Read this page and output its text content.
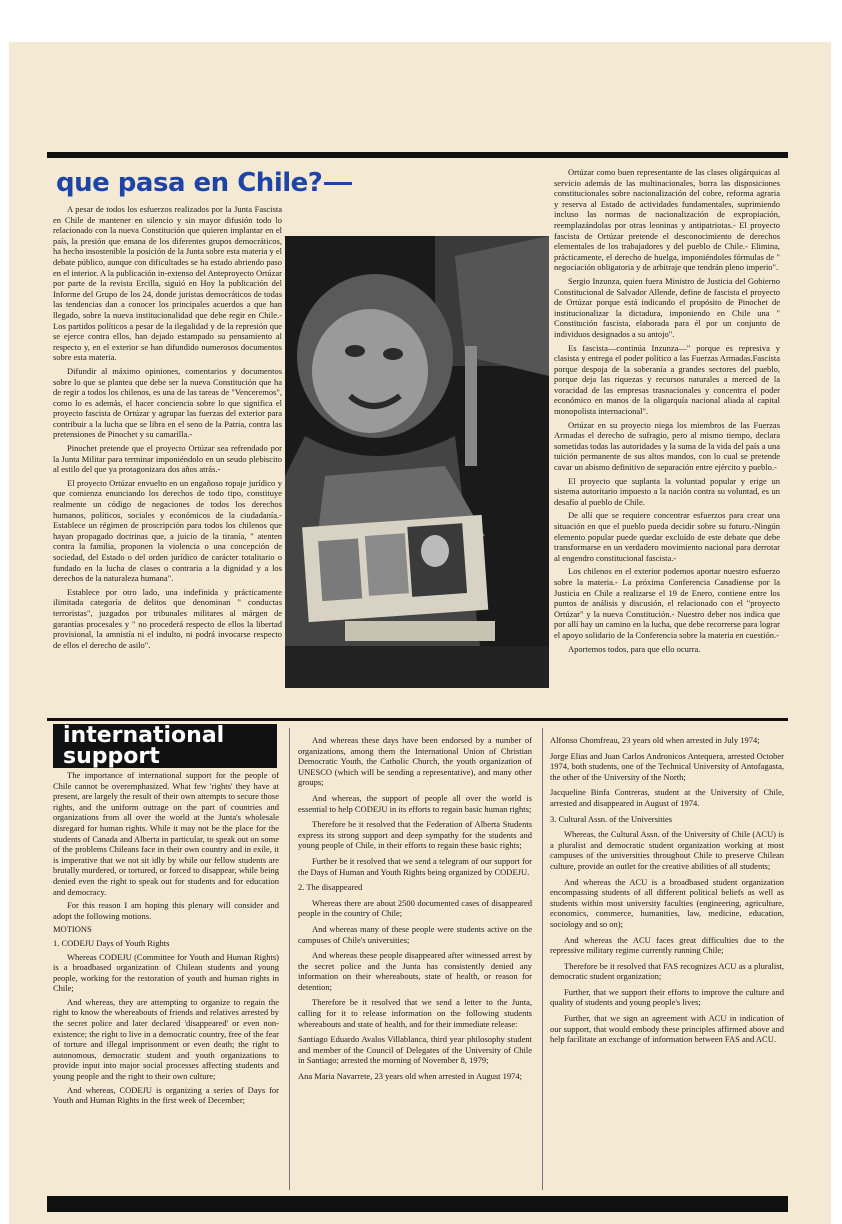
que pasa en Chile?

A pesar de todos los esfuerzos realizados por la Junta Fascista en Chile de mantener en silencio y sin mayor difusión todo lo relacionado con la nueva Constitución que quieren implantar en el país, la presión que emana de los diferentes grupos democráticos, ha hecho insostenible la posición de la Junta sobre esta materia y el debate público, aunque con dificultades se ha estado abriendo paso en el interior. A la publicación in-extenso del Anteproyecto Ortúzar por parte de la revista Ercilla, siguió en Hoy la publicación del Informe del Grupo de los 24, donde juristas democráticos de todas las tendencias dan a conocer los principales acuerdos a que han llegado, sobre la nueva institucionalidad que debe regir en Chile.-Los partidos políticos a pesar de la ilegalidad y de la represión que se ejerce contra ellos, han dejado estampado su pensamiento al respecto y, en el exterior se han difundido numerosos documentos sobre esta materia.

Difundir al máximo opiniones, comentarios y documentos sobre lo que se plantea que debe ser la nueva Constitución que ha de regir a todos los chilenos, es una de las tareas de "Venceremos", como lo es además, el hacer conciencia sobre lo que significa el proyecto fascista de Ortúzar y agrupar las fuerzas del exterior para contribuir a la lucha que se libra en el seno de la Patria, contra las pretensiones de Pinochet y su camarilla.-

Pinochet pretende que el proyecto Ortúzar sea refrendado por la Junta Militar para terminar imponiéndolo en un seudo plebiscito al estilo del que ya protagonizara dos años atrás.-

El proyecto Ortúzar envuelto en un engañoso ropaje jurídico y que comienza enunciando los derechos de todo tipo, constituye realmente un código de negaciones de todos los derechos humanos, políticos, sociales y económicos de la ciudadanía.- Establece un régimen de proscripción para todos los chilenos que hayan propagado doctrinas que, a juicio de la tiranía, " atenten contra la familia, proponen la violencia o una concepción de sociedad, del Estado o del orden jurídico de carácter totalitario o fundado en la lucha de clases o contraria a la dignidad y a los derechos de la naturaleza humana".

Establece por otro lado, una indefinida y prácticamente ilimitada categoría de delitos que denominan " conductas terroristas", juzgados por tribunales militares al márgen de garantías procesales y " no procederá respecto de ellos la libertad provisional, la amnistía ni el indulto, ni podrá invocarse respecto de ellos el derecho de asilo".

Ortúzar como buen representante de las clases oligárquicas al servicio además de las multinacionales, borra las disposiciones constitucionales sobre nacionalización del cobre, reforma agraria y reserva al Estado de actividades fundamentales, suprimiendo incluso las normas de nacionalización de expropiación, reemplazándolas por otras leoninas y antipatriotas.- El proyecto fascista de Ortúzar pretende el desconocimiento de derechos elementales de los trabajadores y del pueblo de Chile.- Elimina, prácticamente, el derecho de huelga, imponiéndoles fórmulas de " negociación obligatoria y de arbitraje que tendrán pleno imperio".

Sergio Inzunza, quien fuera Ministro de Justicia del Gobierno Constitucional de Salvador Allende, define de fascista el proyecto de Ortúzar porque está indicando el propósito de Pinochet de institucionalizar la dictadura, imponiendo en Chile una " Constitución fascista, elaborada para él por un conjunto de individuos designados a su antojo".

Es fascista—continúa Inzunza—" porque es represiva y clasista y entrega el poder político a las Fuerzas Armadas.Fascista porque despoja de la soberanía a grandes sectores del pueblo, porque deja las riquezas y recursos naturales a merced de la voracidad de las empresas trasnacionales y concentra el poder económico en manos de la oligarquía nacional aliada al capital monopolista internacional".

Ortúzar en su proyecto niega los miembros de las Fuerzas Armadas el derecho de sufragio, pero al mismo tiempo, declara sometidas todas las autoridades y la suma de la vida del país a una tuición permanente de sus altos mandos, con lo cual se pretende cavar un abismo definitivo de separación entre ejército y pueblo.-

El proyecto que suplanta la voluntad popular y erige un sistema autoritario impuesto a la nación contra su voluntad, es un desafío al pueblo de Chile.

De allí que se requiere concentrar esfuerzos para crear una situación en que el pueblo pueda decidir sobre su futuro.-Ningún elemento popular puede quedar excluído de este debate que debe transformarse en un verdadero movimiento nacional para derrotar al engendro constitucional fascista.-

Los chilenos en el exterior podemos aportar nuestro esfuerzo sobre la materia.- La próxima Conferencia Canadiense por la Justicia en Chile a realizarse el 19 de Enero, contiene entre los puntos de análisis y discusión, el relacionado con el "proyecto Ortúzar" y la nueva Constitución.- Nuestro deber nos indica que por allí hay un camino en la lucha, que debe recorrerse para lograr el apoyo solidario de la Conferencia sobre la materia en cuestión.-

Aportemos todos, para que ello ocurra.

international
support

The importance of international support for the people of Chile cannot be overemphasized. What few 'rights' they have at present, are largely the result of their own attempts to secure those rights, and the uniform outrage on the part of countries and organizations from all over the world at the Junta's wholesale disregard for human rights. While it may not be the place for the students of Canada and Alberta in particular, to speak out on some of the problems Chileans face in their own country and in exile, it is imperative that we not sit idly by while our fellow students are brutally murdered, or tortured, or forced to disappear, while being denied even the right to speak out for students and for education and democracy.

For this reason I am hoping this plenary will consider and adopt the following motions.

MOTIONS

1. CODEJU Days of Youth Rights

Whereas CODEJU (Committee for Youth and Human Rights) is a broadbased organization of Chilean students and young people, working for the restoration of youth and human rights in Chile;

And whereas, they are attempting to organize to regain the right to know the whereabouts of friends and relatives arrested by the secret police and later declared 'disappeared' or even non-existence; the right to live in a democratic country, free of the fear of torture and illegal imprisonment or even death; the right to autonomous, democratic student and youth organizations to provide input into major social processes affecting students and young people and the right to their own culture;

And whereas, CODEJU is organizing a series of Days for Youth and Human Rights in the first week of December;

And whereas these days have been endorsed by a number of organizations, among them the International Union of Christian Democratic Youth, the Catholic Church, the youth organization of UNESCO (which will be sending a representative), and many other groups;

And whereas, the support of people all over the world is essential to help CODEJU in its efforts to regain basic human rights;

Therefore be it resolved that the Federation of Alberta Students express its strong support and deep sympathy for the students and young people of Chile, in their efforts to regain these basic rights;

Further be it resolved that we send a telegram of our support for the Days of Human and Youth Rights being organized by CODEJU.

2. The disappeared

Whereas there are about 2500 documented cases of disappeared people in the country of Chile;

And whereas many of these people were students active on the campuses of Chile's universities;

And whereas these people disappeared after witnessed arrest by the secret police and the Junta has consistently denied any information on their whereabouts, state of health, or reason for detention;

Therefore be it resolved that we send a letter to the Junta, calling for it to release information on the following students whereabouts and state of health, and for their immediate release:

Santiago Eduardo Avalos Villablanca, third year philosophy student and member of the Council of Delegates of the University of Chile in Santiago; arrested the morning of November 8, 1979;

Ana Maria Navarrete, 23 years old when arrested in August 1974;

Alfonso Chomfreau, 23 years old when arrested in July 1974;

Jorge Elias and Juan Carlos Andronicos Antequera, arrested October 1974, both students, one of the Technical University of Antofagasta, the other of the University of the North;

Jacqueline Binfa Contreras, student at the University of Chile, arrested and disappeared in August of 1974.

3. Cultural Assn. of the Universities

Whereas, the Cultural Assn. of the University of Chile (ACU) is a pluralist and democratic student organization working at most campuses of the universities throughout Chile to preserve Chilean culture, provide an outlet for the creative abilities of all students;

And whereas the ACU is a broadbased student organization encompassing students of all different political beliefs as well as students within most university faculties (engineering, agriculture, economics, commerce, humanities, law, medicine, education, sociology and so on);

And whereas the ACU faces great difficulties due to the repressive military regime currently running Chile;

Therefore be it resolved that FAS recognizes ACU as a pluralist, democratic student organization;

Further, that we support their efforts to improve the culture and quality of students and young people's lives;

Further, that we sign an agreement with ACU in indication of our support, that would embody these principles affirmed above and help facilitate an exchange of information between FAS and ACU.
